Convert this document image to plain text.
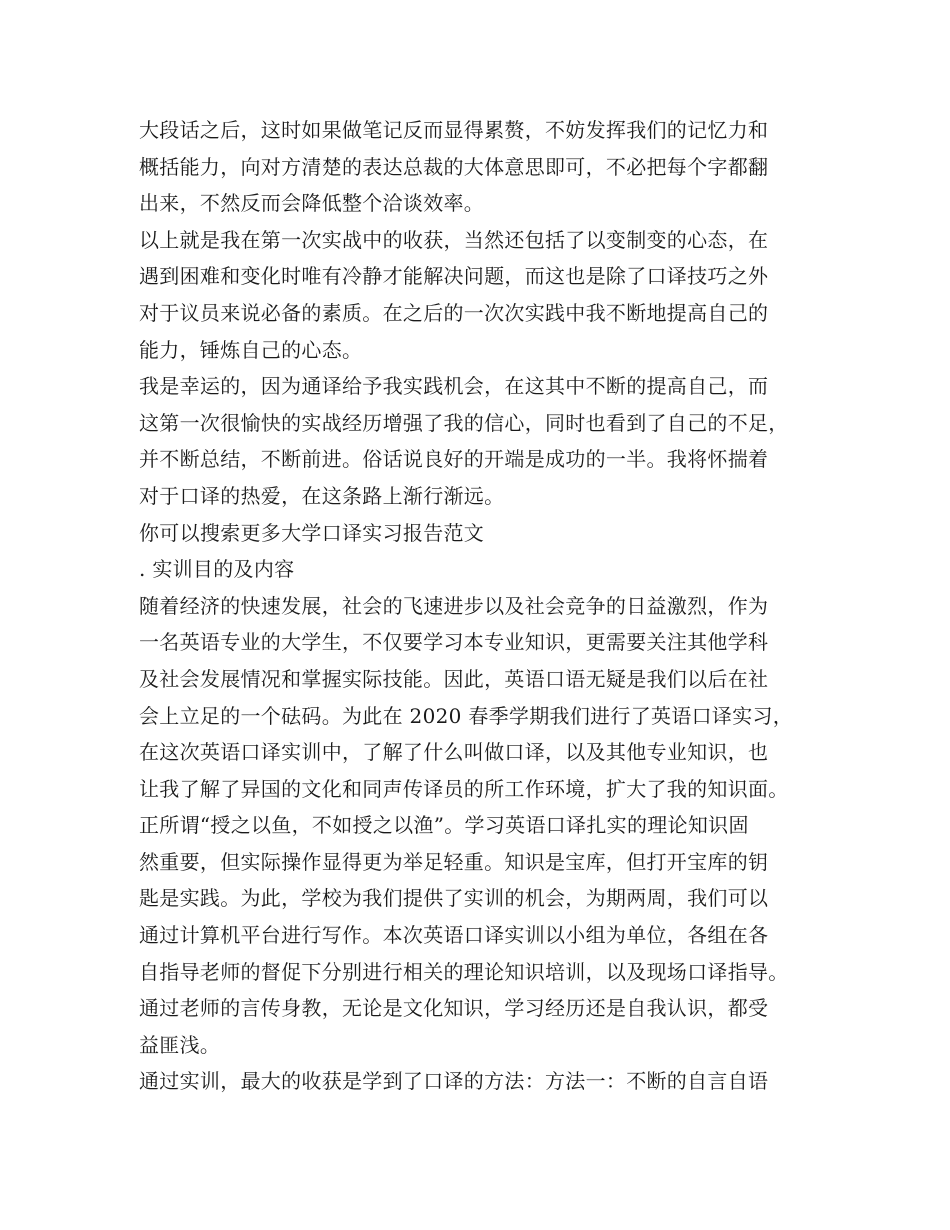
大段话之后，这时如果做笔记反而显得累赘，不妨发挥我们的记忆力和
概括能力，向对方清楚的表达总裁的大体意思即可，不必把每个字都翻
出来，不然反而会降低整个洽谈效率。
以上就是我在第一次实战中的收获，当然还包括了以变制变的心态，在
遇到困难和变化时唯有冷静才能解决问题，而这也是除了口译技巧之外
对于议员来说必备的素质。在之后的一次次实践中我不断地提高自己的
能力，锤炼自己的心态。
我是幸运的，因为通译给予我实践机会，在这其中不断的提高自己，而
这第一次很愉快的实战经历增强了我的信心，同时也看到了自己的不足，
并不断总结，不断前进。俗话说良好的开端是成功的一半。我将怀揣着
对于口译的热爱，在这条路上渐行渐远。
你可以搜索更多大学口译实习报告范文
. 实训目的及内容
随着经济的快速发展，社会的飞速进步以及社会竞争的日益激烈，作为
一名英语专业的大学生，不仅要学习本专业知识，更需要关注其他学科
及社会发展情况和掌握实际技能。因此，英语口语无疑是我们以后在社
会上立足的一个砝码。为此在 2020 春季学期我们进行了英语口译实习，
在这次英语口译实训中，了解了什么叫做口译，以及其他专业知识，也
让我了解了异国的文化和同声传译员的所工作环境，扩大了我的知识面。
正所谓“授之以鱼，不如授之以渔”。学习英语口译扎实的理论知识固
然重要，但实际操作显得更为举足轻重。知识是宝库，但打开宝库的钥
匙是实践。为此，学校为我们提供了实训的机会，为期两周，我们可以
通过计算机平台进行写作。本次英语口译实训以小组为单位，各组在各
自指导老师的督促下分别进行相关的理论知识培训，以及现场口译指导。
通过老师的言传身教，无论是文化知识，学习经历还是自我认识，都受
益匪浅。
通过实训，最大的收获是学到了口译的方法：方法一：不断的自言自语
